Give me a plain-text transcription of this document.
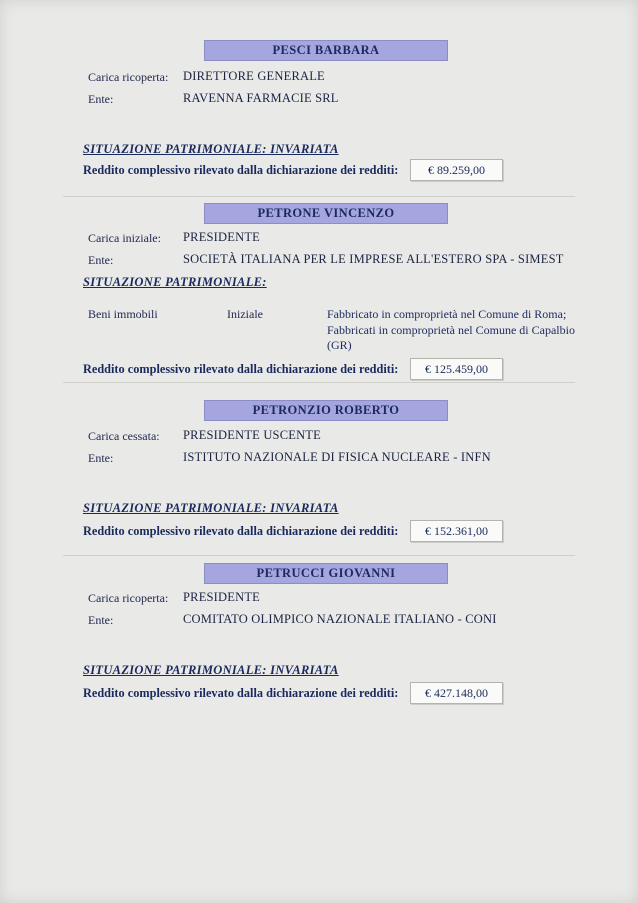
PESCI BARBARA
Carica ricoperta: DIRETTORE GENERALE
Ente:	RAVENNA FARMACIE SRL
SITUAZIONE PATRIMONIALE: INVARIATA
Reddito complessivo rilevato dalla dichiarazione dei redditi:	€ 89.259,00
PETRONE VINCENZO
Carica iniziale: PRESIDENTE
Ente:	SOCIETÀ ITALIANA PER LE IMPRESE ALL'ESTERO SPA - SIMEST
SITUAZIONE PATRIMONIALE:
Beni immobili	Iniziale	Fabbricato in comproprietà nel Comune di Roma; Fabbricati in comproprietà nel Comune di Capalbio (GR)
Reddito complessivo rilevato dalla dichiarazione dei redditi:	€ 125.459,00
PETRONZIO ROBERTO
Carica cessata: PRESIDENTE USCENTE
Ente:	ISTITUTO NAZIONALE DI FISICA NUCLEARE - INFN
SITUAZIONE PATRIMONIALE: INVARIATA
Reddito complessivo rilevato dalla dichiarazione dei redditi:	€ 152.361,00
PETRUCCI GIOVANNI
Carica ricoperta: PRESIDENTE
Ente:	COMITATO OLIMPICO NAZIONALE ITALIANO - CONI
SITUAZIONE PATRIMONIALE: INVARIATA
Reddito complessivo rilevato dalla dichiarazione dei redditi:	€ 427.148,00
